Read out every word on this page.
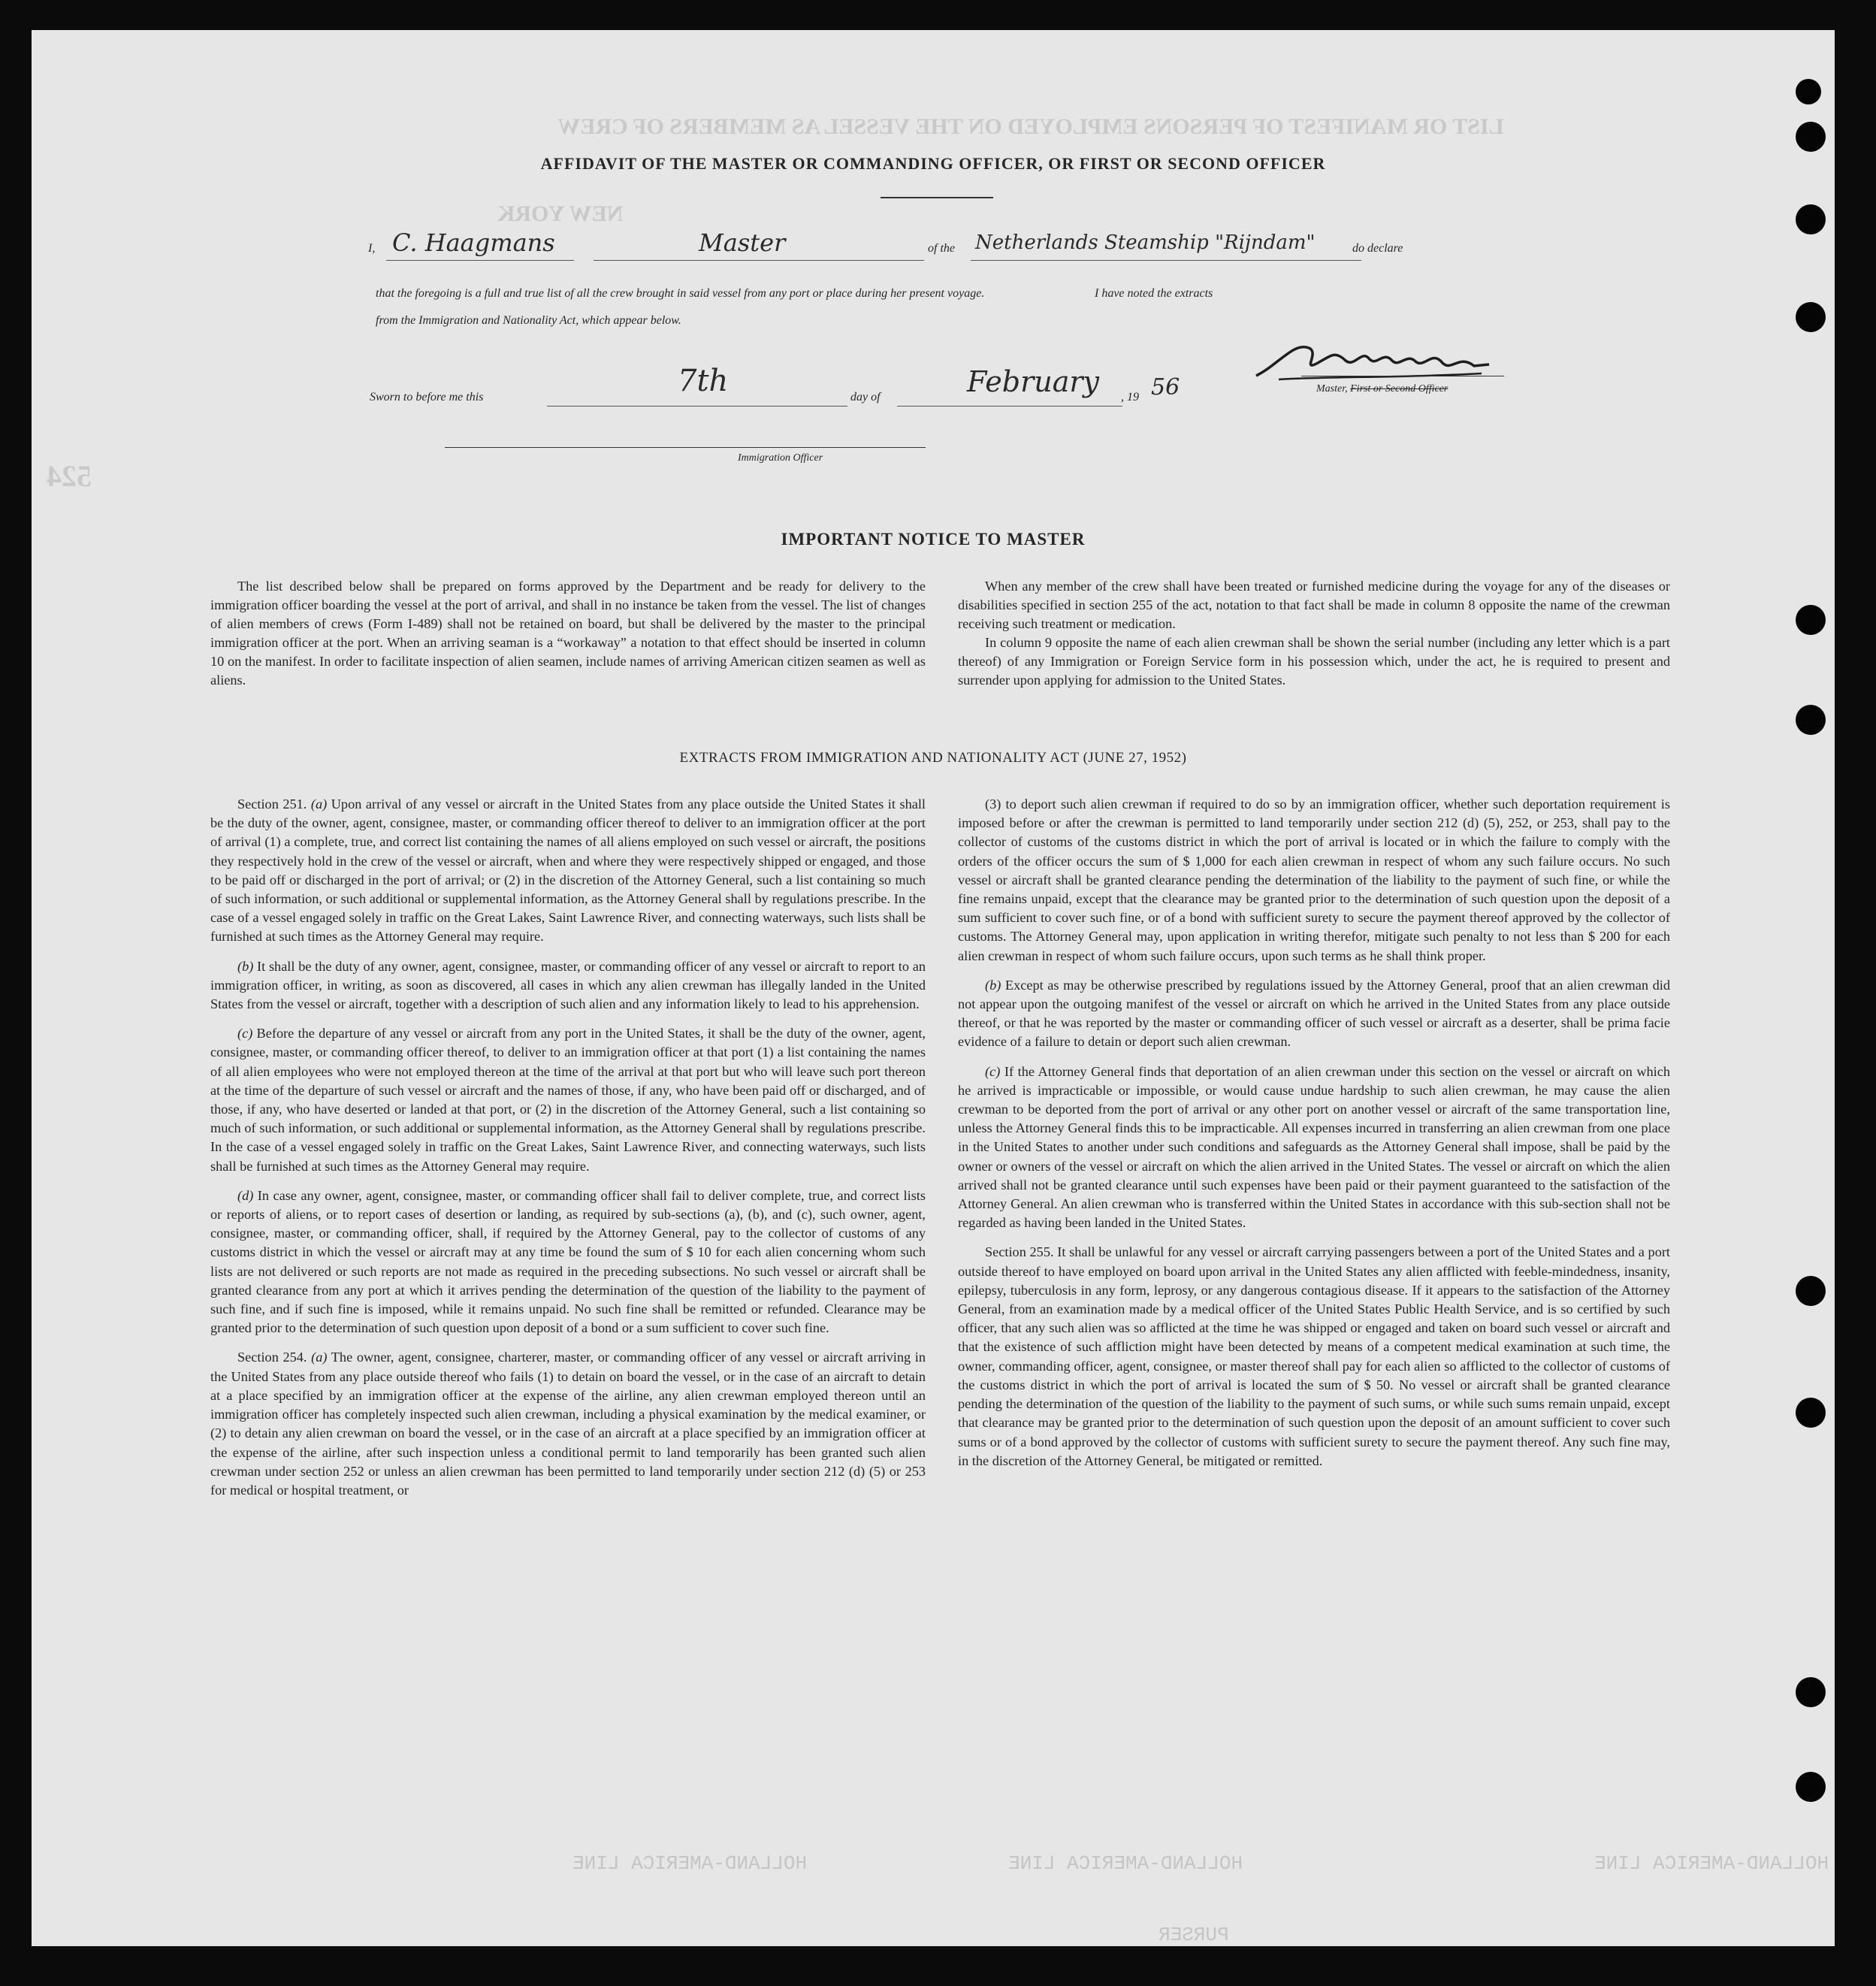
LIST OR MANIFEST OF PERSONS EMPLOYED ON THE VESSEL AS MEMBERS OF CREW
NEW YORK
524
HOLLAND-AMERICA LINE	HOLLAND-AMERICA LINE	HOLLAND-AMERICA LINE
PURSER
AFFIDAVIT OF THE MASTER OR COMMANDING OFFICER, OR FIRST OR SECOND OFFICER
I, C. Haagmans	Master	of the Netherlands Steamship "Rijndam"	do declare
that the foregoing is a full and true list of all the crew brought in said vessel from any port or place during her present voyage.	I have noted the extracts
from the Immigration and Nationality Act, which appear below.
Master, First or Second Officer
Sworn to before me this	7th	day of	February , 19 56
Immigration Officer
IMPORTANT NOTICE TO MASTER

The list described below shall be prepared on forms approved by the Department and be ready for delivery to the immigration officer boarding the vessel at the port of arrival, and shall in no instance be taken from the vessel. The list of changes of alien members of crews (Form I-489) shall not be retained on board, but shall be delivered by the master to the principal immigration officer at the port. When an arriving seaman is a “workaway” a notation to that effect should be inserted in column 10 on the manifest. In order to facilitate inspection of alien seamen, include names of arriving American citizen seamen as well as aliens.

When any member of the crew shall have been treated or furnished medicine during the voyage for any of the diseases or disabilities specified in section 255 of the act, notation to that fact shall be made in column 8 opposite the name of the crewman receiving such treatment or medication.

In column 9 opposite the name of each alien crewman shall be shown the serial number (including any letter which is a part thereof) of any Immigration or Foreign Service form in his possession which, under the act, he is required to present and surrender upon applying for admission to the United States.

EXTRACTS FROM IMMIGRATION AND NATIONALITY ACT (JUNE 27, 1952)

Section 251. (a) Upon arrival of any vessel or aircraft in the United States from any place outside the United States it shall be the duty of the owner, agent, consignee, master, or commanding officer thereof to deliver to an immigration officer at the port of arrival (1) a complete, true, and correct list containing the names of all aliens employed on such vessel or aircraft, the positions they respectively hold in the crew of the vessel or aircraft, when and where they were respectively shipped or engaged, and those to be paid off or discharged in the port of arrival; or (2) in the discretion of the Attorney General, such a list containing so much of such information, or such additional or supplemental information, as the Attorney General shall by regulations prescribe. In the case of a vessel engaged solely in traffic on the Great Lakes, Saint Lawrence River, and connecting waterways, such lists shall be furnished at such times as the Attorney General may require.

(b) It shall be the duty of any owner, agent, consignee, master, or commanding officer of any vessel or aircraft to report to an immigration officer, in writing, as soon as discovered, all cases in which any alien crewman has illegally landed in the United States from the vessel or aircraft, together with a description of such alien and any information likely to lead to his apprehension.

(c) Before the departure of any vessel or aircraft from any port in the United States, it shall be the duty of the owner, agent, consignee, master, or commanding officer thereof, to deliver to an immigration officer at that port (1) a list containing the names of all alien employees who were not employed thereon at the time of the arrival at that port but who will leave such port thereon at the time of the departure of such vessel or aircraft and the names of those, if any, who have been paid off or discharged, and of those, if any, who have deserted or landed at that port, or (2) in the discretion of the Attorney General, such a list containing so much of such information, or such additional or supplemental information, as the Attorney General shall by regulations prescribe. In the case of a vessel engaged solely in traffic on the Great Lakes, Saint Lawrence River, and connecting waterways, such lists shall be furnished at such times as the Attorney General may require.

(d) In case any owner, agent, consignee, master, or commanding officer shall fail to deliver complete, true, and correct lists or reports of aliens, or to report cases of desertion or landing, as required by sub-sections (a), (b), and (c), such owner, agent, consignee, master, or commanding officer, shall, if required by the Attorney General, pay to the collector of customs of any customs district in which the vessel or aircraft may at any time be found the sum of $ 10 for each alien concerning whom such lists are not delivered or such reports are not made as required in the preceding subsections. No such vessel or aircraft shall be granted clearance from any port at which it arrives pending the determination of the question of the liability to the payment of such fine, and if such fine is imposed, while it remains unpaid. No such fine shall be remitted or refunded. Clearance may be granted prior to the determination of such question upon deposit of a bond or a sum sufficient to cover such fine.

Section 254. (a) The owner, agent, consignee, charterer, master, or commanding officer of any vessel or aircraft arriving in the United States from any place outside thereof who fails (1) to detain on board the vessel, or in the case of an aircraft to detain at a place specified by an immigration officer at the expense of the airline, any alien crewman employed thereon until an immigration officer has completely inspected such alien crewman, including a physical examination by the medical examiner, or (2) to detain any alien crewman on board the vessel, or in the case of an aircraft at a place specified by an immigration officer at the expense of the airline, after such inspection unless a conditional permit to land temporarily has been granted such alien crewman under section 252 or unless an alien crewman has been permitted to land temporarily under section 212 (d) (5) or 253 for medical or hospital treatment, or

(3) to deport such alien crewman if required to do so by an immigration officer, whether such deportation requirement is imposed before or after the crewman is permitted to land temporarily under section 212 (d) (5), 252, or 253, shall pay to the collector of customs of the customs district in which the port of arrival is located or in which the failure to comply with the orders of the officer occurs the sum of $ 1,000 for each alien crewman in respect of whom any such failure occurs. No such vessel or aircraft shall be granted clearance pending the determination of the liability to the payment of such fine, or while the fine remains unpaid, except that the clearance may be granted prior to the determination of such question upon the deposit of a sum sufficient to cover such fine, or of a bond with sufficient surety to secure the payment thereof approved by the collector of customs. The Attorney General may, upon application in writing therefor, mitigate such penalty to not less than $ 200 for each alien crewman in respect of whom such failure occurs, upon such terms as he shall think proper.

(b) Except as may be otherwise prescribed by regulations issued by the Attorney General, proof that an alien crewman did not appear upon the outgoing manifest of the vessel or aircraft on which he arrived in the United States from any place outside thereof, or that he was reported by the master or commanding officer of such vessel or aircraft as a deserter, shall be prima facie evidence of a failure to detain or deport such alien crewman.

(c) If the Attorney General finds that deportation of an alien crewman under this section on the vessel or aircraft on which he arrived is impracticable or impossible, or would cause undue hardship to such alien crewman, he may cause the alien crewman to be deported from the port of arrival or any other port on another vessel or aircraft of the same transportation line, unless the Attorney General finds this to be impracticable. All expenses incurred in transferring an alien crewman from one place in the United States to another under such conditions and safeguards as the Attorney General shall impose, shall be paid by the owner or owners of the vessel or aircraft on which the alien arrived in the United States. The vessel or aircraft on which the alien arrived shall not be granted clearance until such expenses have been paid or their payment guaranteed to the satisfaction of the Attorney General. An alien crewman who is transferred within the United States in accordance with this sub-section shall not be regarded as having been landed in the United States.

Section 255. It shall be unlawful for any vessel or aircraft carrying passengers between a port of the United States and a port outside thereof to have employed on board upon arrival in the United States any alien afflicted with feeble-mindedness, insanity, epilepsy, tuberculosis in any form, leprosy, or any dangerous contagious disease. If it appears to the satisfaction of the Attorney General, from an examination made by a medical officer of the United States Public Health Service, and is so certified by such officer, that any such alien was so afflicted at the time he was shipped or engaged and taken on board such vessel or aircraft and that the existence of such affliction might have been detected by means of a competent medical examination at such time, the owner, commanding officer, agent, consignee, or master thereof shall pay for each alien so afflicted to the collector of customs of the customs district in which the port of arrival is located the sum of $ 50. No vessel or aircraft shall be granted clearance pending the determination of the question of the liability to the payment of such sums, or while such sums remain unpaid, except that clearance may be granted prior to the determination of such question upon the deposit of an amount sufficient to cover such sums or of a bond approved by the collector of customs with sufficient surety to secure the payment thereof. Any such fine may, in the discretion of the Attorney General, be mitigated or remitted.
